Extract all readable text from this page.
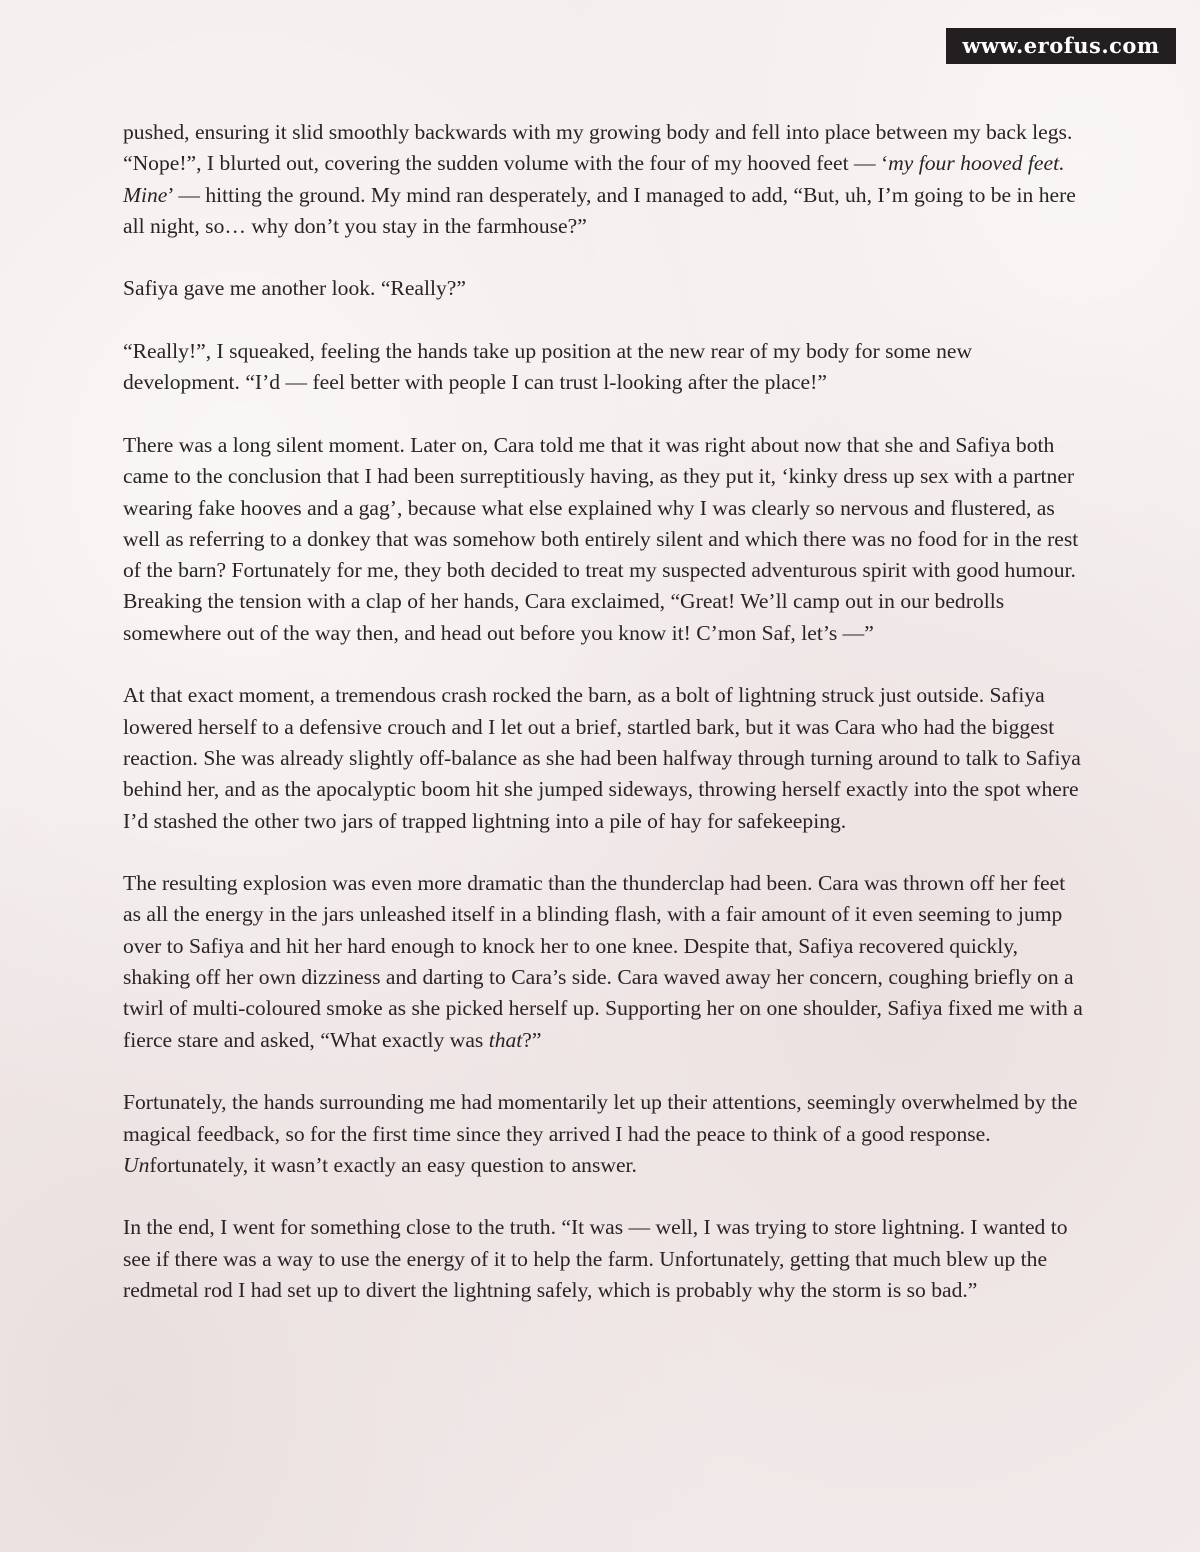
www.erofus.com

pushed, ensuring it slid smoothly backwards with my growing body and fell into place between my back legs. “Nope!”, I blurted out, covering the sudden volume with the four of my hooved feet — ‘my four hooved feet. Mine’ — hitting the ground. My mind ran desperately, and I managed to add, “But, uh, I’m going to be in here all night, so… why don’t you stay in the farmhouse?”

Safiya gave me another look. “Really?”

“Really!”, I squeaked, feeling the hands take up position at the new rear of my body for some new development. “I’d — feel better with people I can trust l-looking after the place!”

There was a long silent moment. Later on, Cara told me that it was right about now that she and Safiya both came to the conclusion that I had been surreptitiously having, as they put it, ‘kinky dress up sex with a partner wearing fake hooves and a gag’, because what else explained why I was clearly so nervous and flustered, as well as referring to a donkey that was somehow both entirely silent and which there was no food for in the rest of the barn? Fortunately for me, they both decided to treat my suspected adventurous spirit with good humour. Breaking the tension with a clap of her hands, Cara exclaimed, “Great! We’ll camp out in our bedrolls somewhere out of the way then, and head out before you know it! C’mon Saf, let’s —”

At that exact moment, a tremendous crash rocked the barn, as a bolt of lightning struck just outside. Safiya lowered herself to a defensive crouch and I let out a brief, startled bark, but it was Cara who had the biggest reaction. She was already slightly off-balance as she had been halfway through turning around to talk to Safiya behind her, and as the apocalyptic boom hit she jumped sideways, throwing herself exactly into the spot where I’d stashed the other two jars of trapped lightning into a pile of hay for safekeeping.

The resulting explosion was even more dramatic than the thunderclap had been. Cara was thrown off her feet as all the energy in the jars unleashed itself in a blinding flash, with a fair amount of it even seeming to jump over to Safiya and hit her hard enough to knock her to one knee. Despite that, Safiya recovered quickly, shaking off her own dizziness and darting to Cara’s side. Cara waved away her concern, coughing briefly on a twirl of multi-coloured smoke as she picked herself up. Supporting her on one shoulder, Safiya fixed me with a fierce stare and asked, “What exactly was that?”

Fortunately, the hands surrounding me had momentarily let up their attentions, seemingly overwhelmed by the magical feedback, so for the first time since they arrived I had the peace to think of a good response. Unfortunately, it wasn’t exactly an easy question to answer.

In the end, I went for something close to the truth. “It was — well, I was trying to store lightning. I wanted to see if there was a way to use the energy of it to help the farm. Unfortunately, getting that much blew up the redmetal rod I had set up to divert the lightning safely, which is probably why the storm is so bad.”
